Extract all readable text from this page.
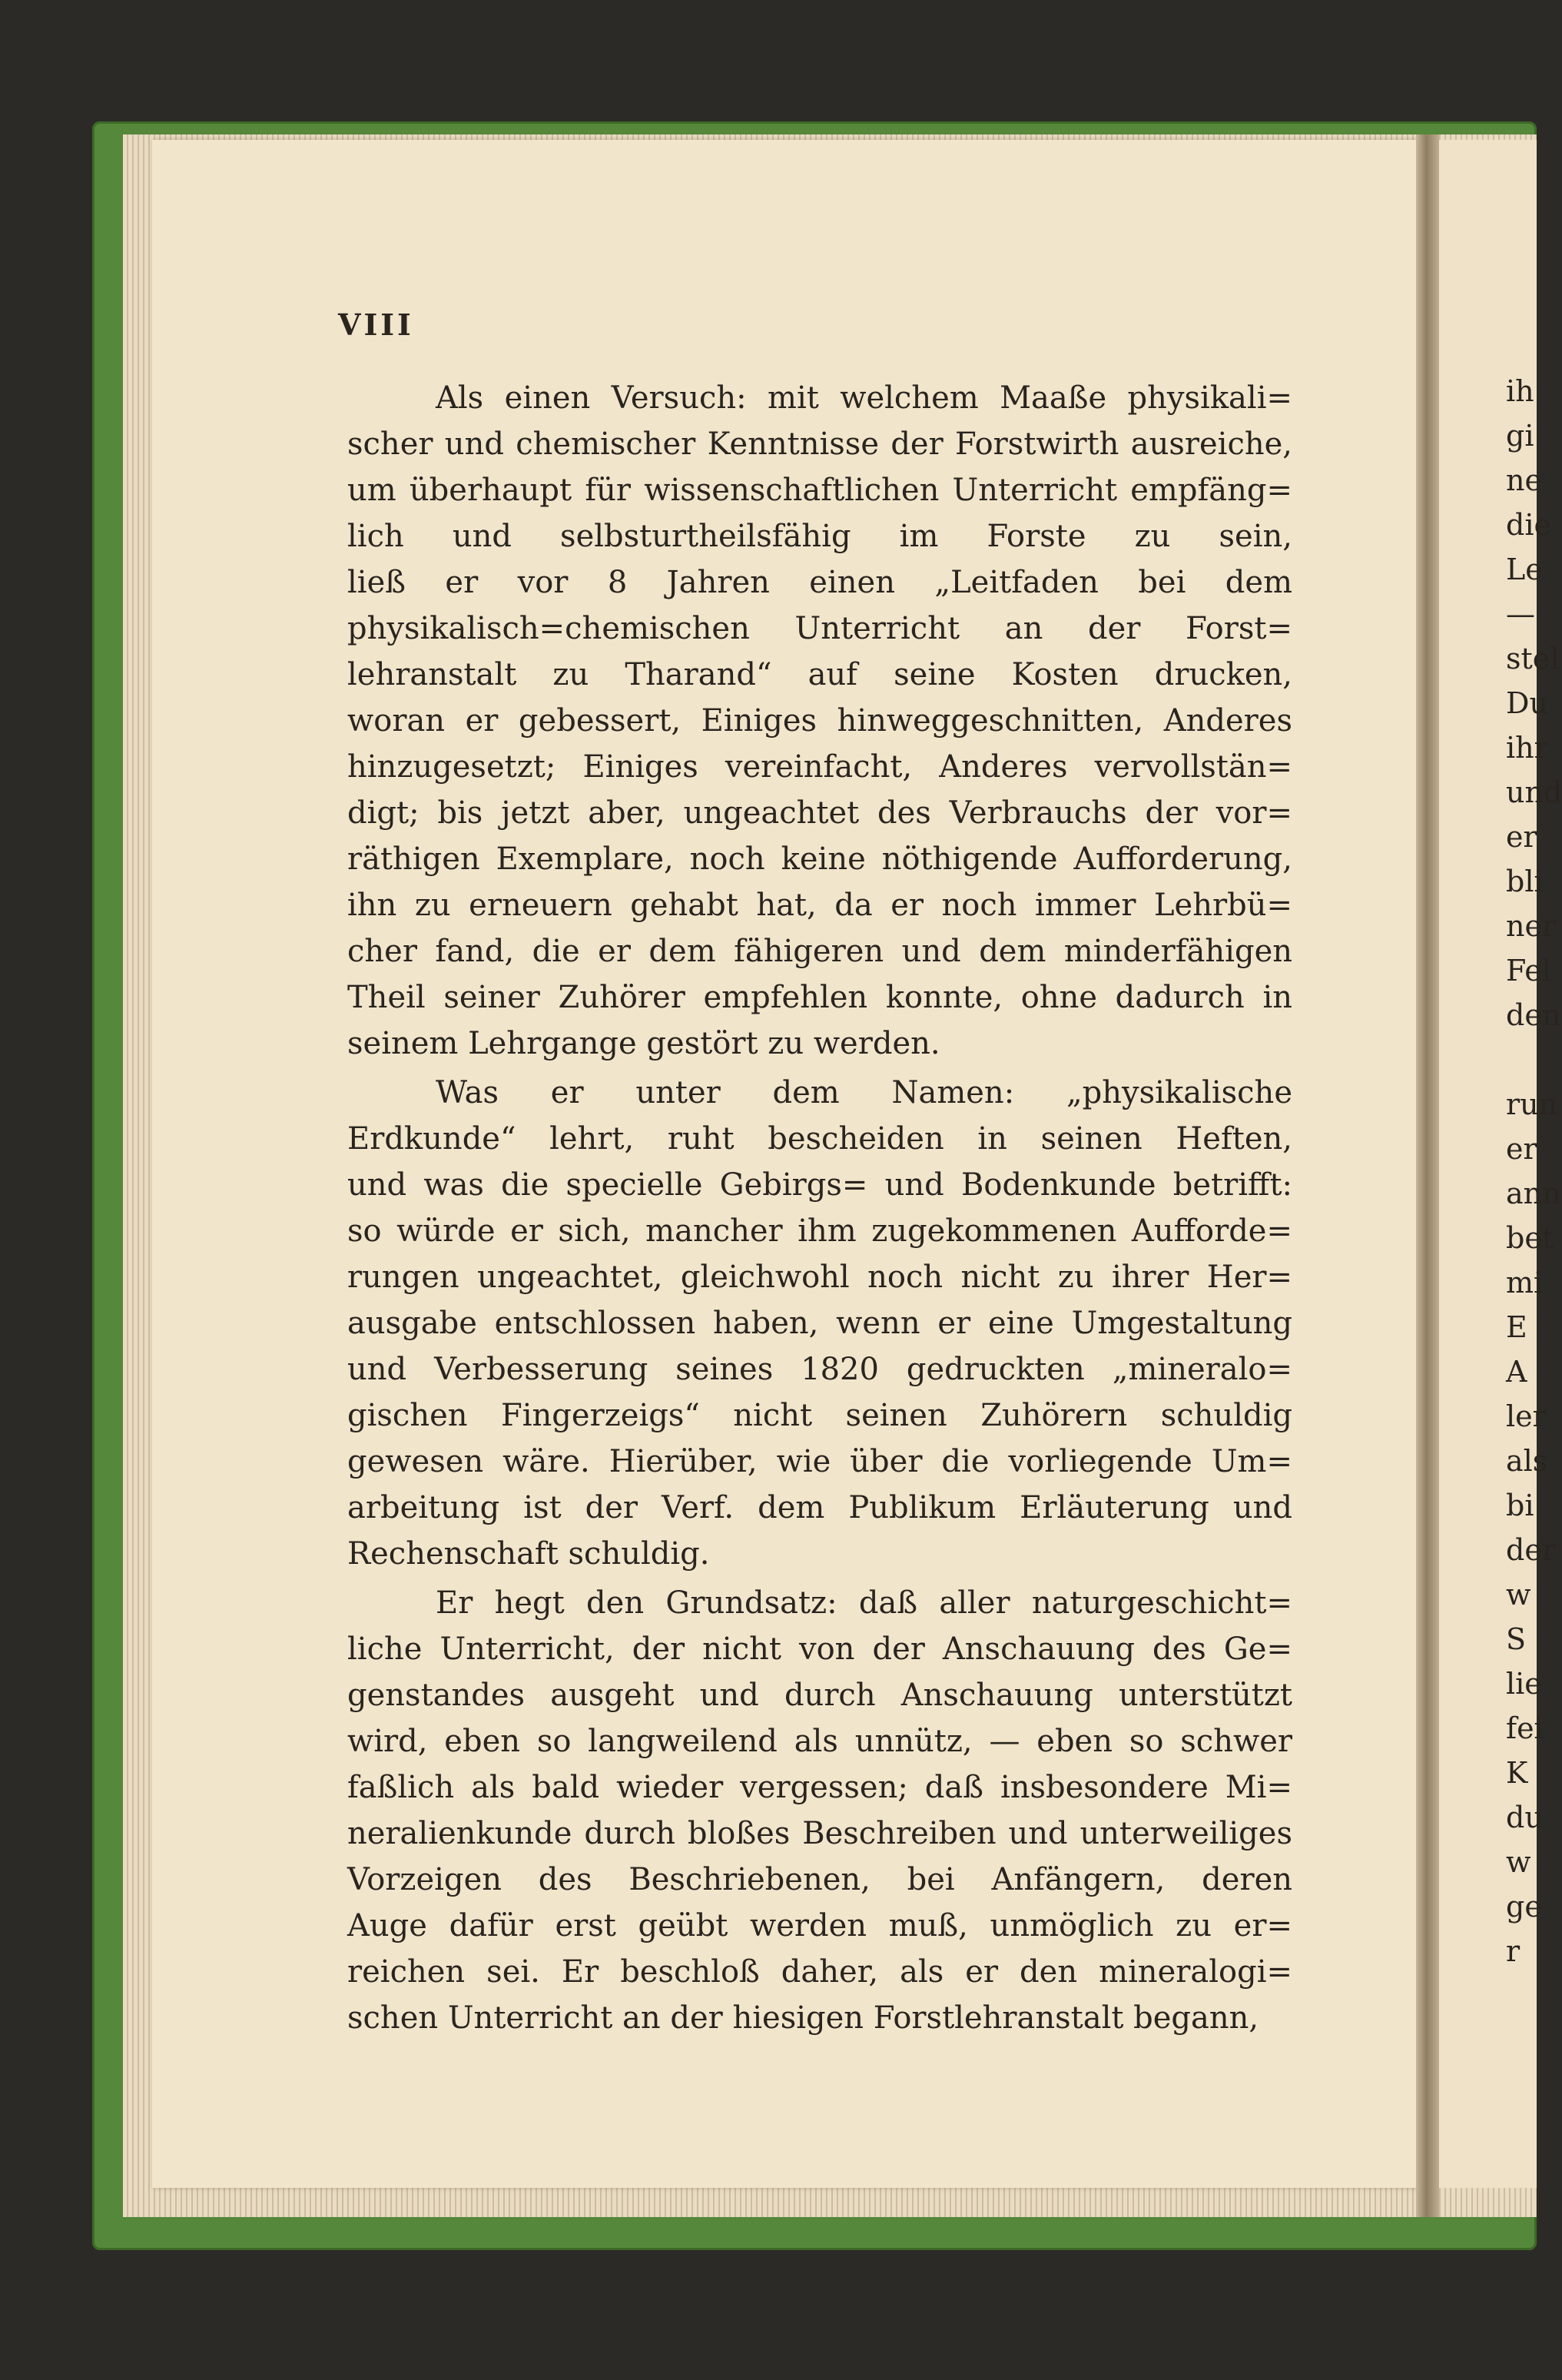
VIII
Als einen Versuch: mit welchem Maaße physikali=
scher und chemischer Kenntnisse der Forstwirth ausreiche,
um überhaupt für wissenschaftlichen Unterricht empfäng=
lich und selbsturtheilsfähig im Forste zu sein,
ließ er vor 8 Jahren einen „Leitfaden bei dem
physikalisch=chemischen Unterricht an der Forst=
lehranstalt zu Tharand“ auf seine Kosten drucken,
woran er gebessert, Einiges hinweggeschnitten, Anderes
hinzugesetzt; Einiges vereinfacht, Anderes vervollstän=
digt; bis jetzt aber, ungeachtet des Verbrauchs der vor=
räthigen Exemplare, noch keine nöthigende Aufforderung,
ihn zu erneuern gehabt hat, da er noch immer Lehrbü=
cher fand, die er dem fähigeren und dem minderfähigen
Theil seiner Zuhörer empfehlen konnte, ohne dadurch in
seinem Lehrgange gestört zu werden.
Was er unter dem Namen: „physikalische
Erdkunde“ lehrt, ruht bescheiden in seinen Heften,
und was die specielle Gebirgs= und Bodenkunde betrifft:
so würde er sich, mancher ihm zugekommenen Aufforde=
rungen ungeachtet, gleichwohl noch nicht zu ihrer Her=
ausgabe entschlossen haben, wenn er eine Umgestaltung
und Verbesserung seines 1820 gedruckten „mineralo=
gischen Fingerzeigs“ nicht seinen Zuhörern schuldig
gewesen wäre. Hierüber, wie über die vorliegende Um=
arbeitung ist der Verf. dem Publikum Erläuterung und
Rechenschaft schuldig.
Er hegt den Grundsatz: daß aller naturgeschicht=
liche Unterricht, der nicht von der Anschauung des Ge=
genstandes ausgeht und durch Anschauung unterstützt
wird, eben so langweilend als unnütz, — eben so schwer
faßlich als bald wieder vergessen; daß insbesondere Mi=
neralienkunde durch bloßes Beschreiben und unterweiliges
Vorzeigen des Beschriebenen, bei Anfängern, deren
Auge dafür erst geübt werden muß, unmöglich zu er=
reichen sei. Er beschloß daher, als er den mineralogi=
schen Unterricht an der hiesigen Forstlehranstalt begann,
ih
gi
ne
die
Le
—
stel
Du
ihr
und
er
bli
ner
Fel
den
run
er
ann
bet
mi
E
A
ler
als
bi
der
w
S
lie
fei
K
du
w
ge
r
